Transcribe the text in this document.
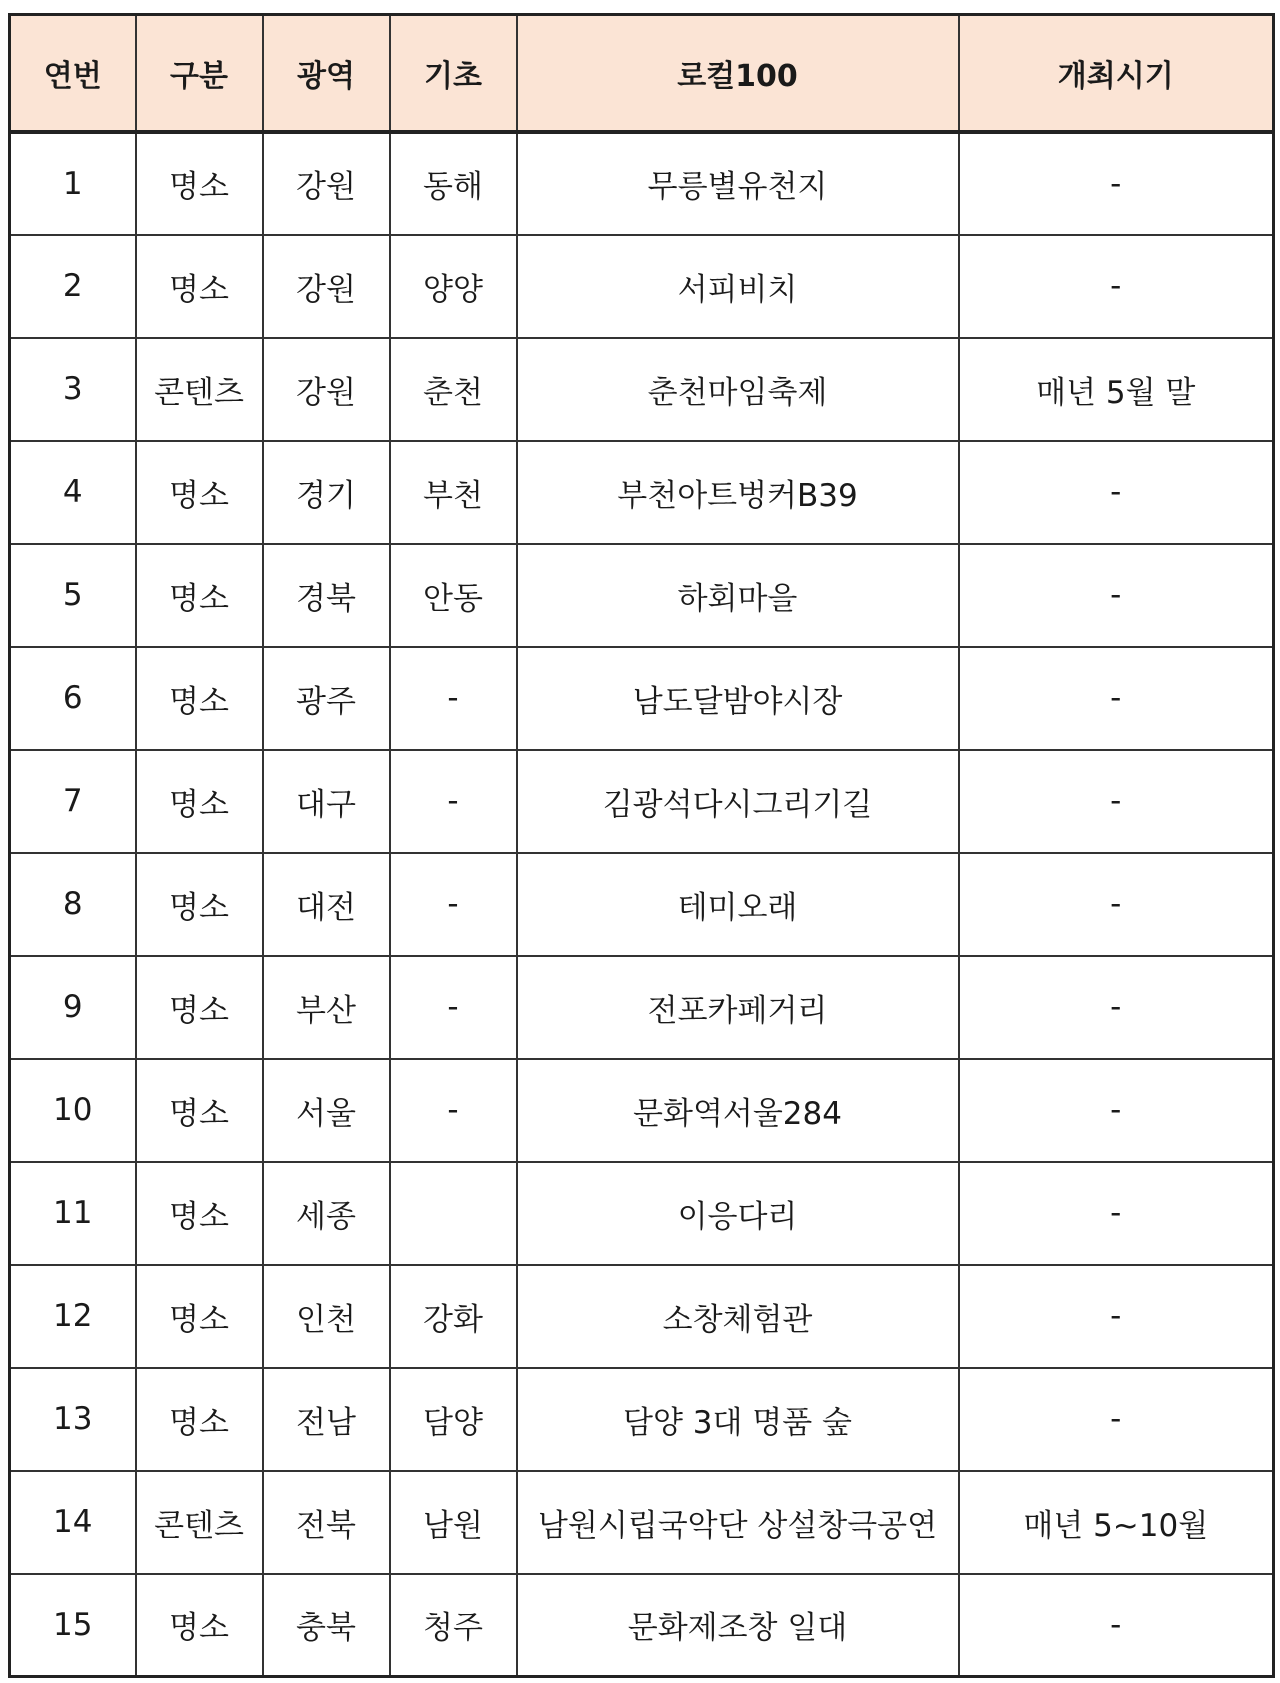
연번	구분	광역	기초	로컬100	개최시기
1	명소	강원	동해	무릉별유천지	-
2	명소	강원	양양	서피비치	-
3	콘텐츠	강원	춘천	춘천마임축제	매년 5월 말
4	명소	경기	부천	부천아트벙커B39	-
5	명소	경북	안동	하회마을	-
6	명소	광주	-	남도달밤야시장	-
7	명소	대구	-	김광석다시그리기길	-
8	명소	대전	-	테미오래	-
9	명소	부산	-	전포카페거리	-
10	명소	서울	-	문화역서울284	-
11	명소	세종		이응다리	-
12	명소	인천	강화	소창체험관	-
13	명소	전남	담양	담양 3대 명품 숲	-
14	콘텐츠	전북	남원	남원시립국악단 상설창극공연	매년 5~10월
15	명소	충북	청주	문화제조창 일대	-
